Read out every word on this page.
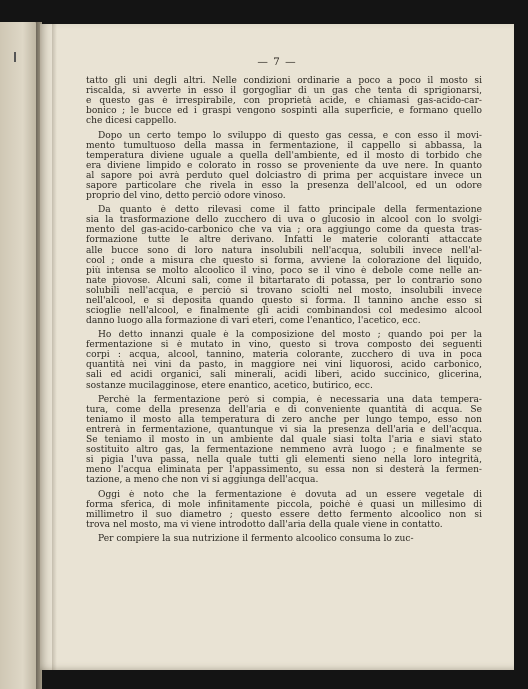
— 7 —
tatto gli uni degli altri. Nelle condizioni ordinarie a poco a poco il mosto si
riscalda, si avverte in esso il gorgogliar di un gas che tenta di sprigionarsi,
e questo gas è irrespirabile, con proprietà acide, e chiamasi gas-acido-car-
bonico ; le bucce ed i graspi vengono sospinti alla superficie, e formano quello
che dicesi cappello.
Dopo un certo tempo lo sviluppo di questo gas cessa, e con esso il movi-
mento tumultuoso della massa in fermentazione, il cappello si abbassa, la
temperatura diviene uguale a quella dell'ambiente, ed il mosto di torbido che
era diviene limpido e colorato in rosso se proveniente da uve nere. In quanto
al sapore poi avrà perduto quel dolciastro di prima per acquistare invece un
sapore particolare che rivela in esso la presenza dell'alcool, ed un odore
proprio del vino, detto perciò odore vinoso.
Da quanto è detto rilevasi come il fatto principale della fermentazione
sia la trasformazione dello zucchero di uva o glucosio in alcool con lo svolgi-
mento del gas-acido-carbonico che va via ; ora aggiungo come da questa tras-
formazione tutte le altre derivano. Infatti le materie coloranti attaccate
alle bucce sono di loro natura insolubili nell'acqua, solubili invece nell'al-
cool ; onde a misura che questo si forma, avviene la colorazione del liquido,
più intensa se molto alcoolico il vino, poco se il vino è debole come nelle an-
nate piovose. Alcuni sali, come il bitartarato di potassa, per lo contrario sono
solubili nell'acqua, e perciò si trovano sciolti nel mosto, insolubili invece
nell'alcool, e si deposita quando questo si forma. Il tannino anche esso si
scioglie nell'alcool, e finalmente gli acidi combinandosi col medesimo alcool
danno luogo alla formazione di vari eteri, come l'enantico, l'acetico, ecc.
Ho detto innanzi quale è la composizione del mosto ; quando poi per la
fermentazione si è mutato in vino, questo si trova composto dei seguenti
corpi : acqua, alcool, tannino, materia colorante, zucchero di uva in poca
quantità nei vini da pasto, in maggiore nei vini liquorosi, acido carbonico,
sali ed acidi organici, sali minerali, acidi liberi, acido succinico, glicerina,
sostanze mucilagginose, etere enantico, acetico, butirico, ecc.
Perchè la fermentazione però si compia, è necessaria una data tempera-
tura, come della presenza dell'aria e di conveniente quantità di acqua. Se
teniamo il mosto alla temperatura di zero anche per lungo tempo, esso non
entrerà in fermentazione, quantunque vi sia la presenza dell'aria e dell'acqua.
Se teniamo il mosto in un ambiente dal quale siasi tolta l'aria e siavi stato
sostituito altro gas, la fermentazione nemmeno avrà luogo ; e finalmente se
si pigia l'uva passa, nella quale tutti gli elementi sieno nella loro integrità,
meno l'acqua eliminata per l'appassimento, su essa non si desterà la fermen-
tazione, a meno che non vi si aggiunga dell'acqua.
Oggi è noto che la fermentazione è dovuta ad un essere vegetale di
forma sferica, di mole infinitamente piccola, poichè è quasi un millesimo di
millimetro il suo diametro ; questo essere detto fermento alcoolico non si
trova nel mosto, ma vi viene introdotto dall'aria della quale viene in contatto.
Per compiere la sua nutrizione il fermento alcoolico consuma lo zuc-
